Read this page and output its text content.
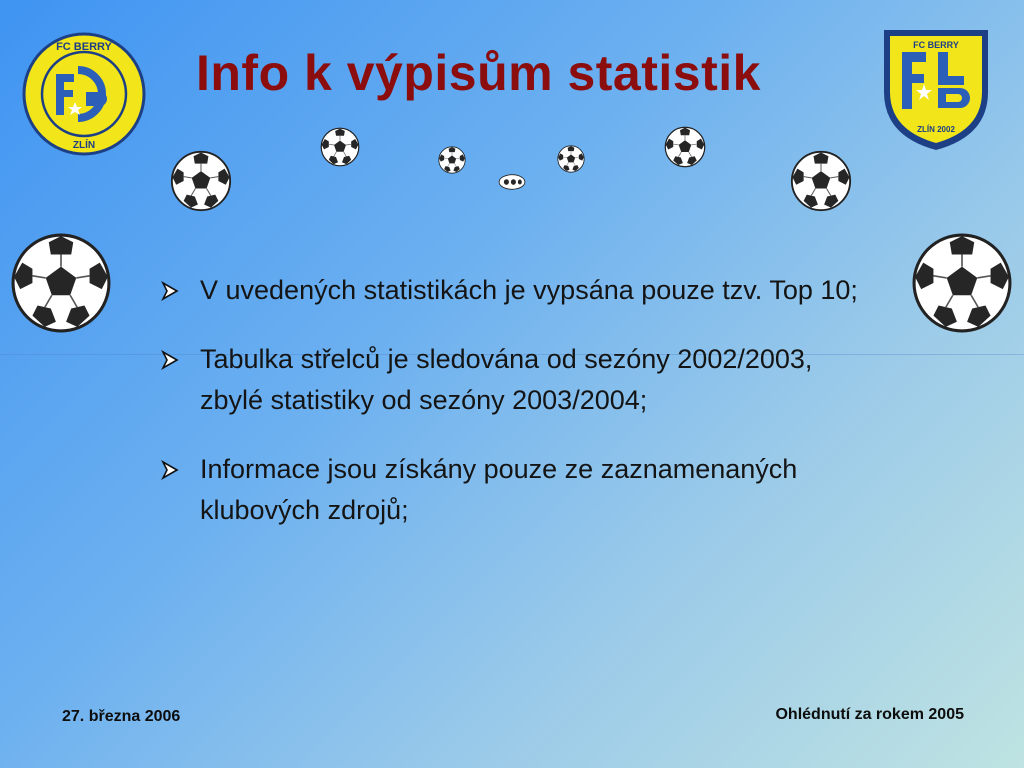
FC BERRY
ZLÍN
FC BERRY
ZLÍN 2002
Info k výpisům statistik
V uvedených statistikách je vypsána pouze tzv. Top 10;
Tabulka střelců je sledována od sezóny 2002/2003, zbylé statistiky od sezóny 2003/2004;
Informace jsou získány pouze ze zaznamenaných klubových zdrojů;
27. března 2006	Ohlédnutí za rokem 2005
